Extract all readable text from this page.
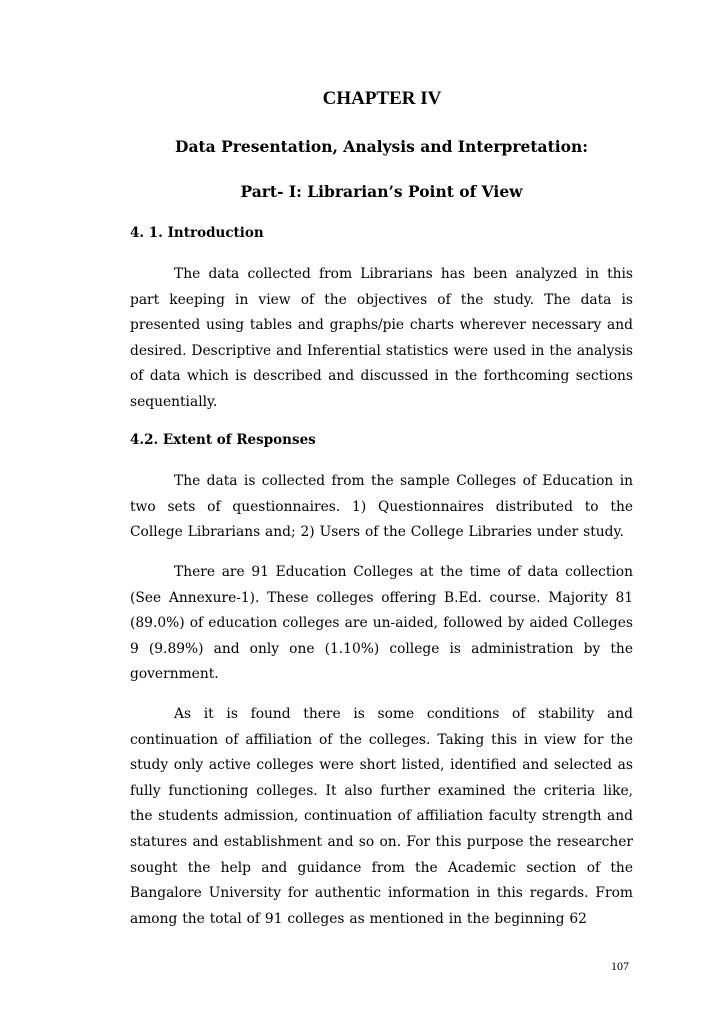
CHAPTER IV
Data Presentation, Analysis and Interpretation:
Part- I: Librarian’s Point of View
4. 1. Introduction

The data collected from Librarians has been analyzed in this part keeping in view of the objectives of the study. The data is presented using tables and graphs/pie charts wherever necessary and desired. Descriptive and Inferential statistics were used in the analysis of data which is described and discussed in the forthcoming sections sequentially.

4.2. Extent of Responses

The data is collected from the sample Colleges of Education in two sets of questionnaires. 1) Questionnaires distributed to the College Librarians and; 2) Users of the College Libraries under study.

There are 91 Education Colleges at the time of data collection (See Annexure-1). These colleges offering B.Ed. course. Majority 81 (89.0%) of education colleges are un-aided, followed by aided Colleges 9 (9.89%) and only one (1.10%) college is administration by the government.

As it is found there is some conditions of stability and continuation of affiliation of the colleges. Taking this in view for the study only active colleges were short listed, identified and selected as fully functioning colleges. It also further examined the criteria like, the students admission, continuation of affiliation faculty strength and statures and establishment and so on. For this purpose the researcher sought the help and guidance from the Academic section of the Bangalore University for authentic information in this regards. From among the total of 91 colleges as mentioned in the beginning 62

107
